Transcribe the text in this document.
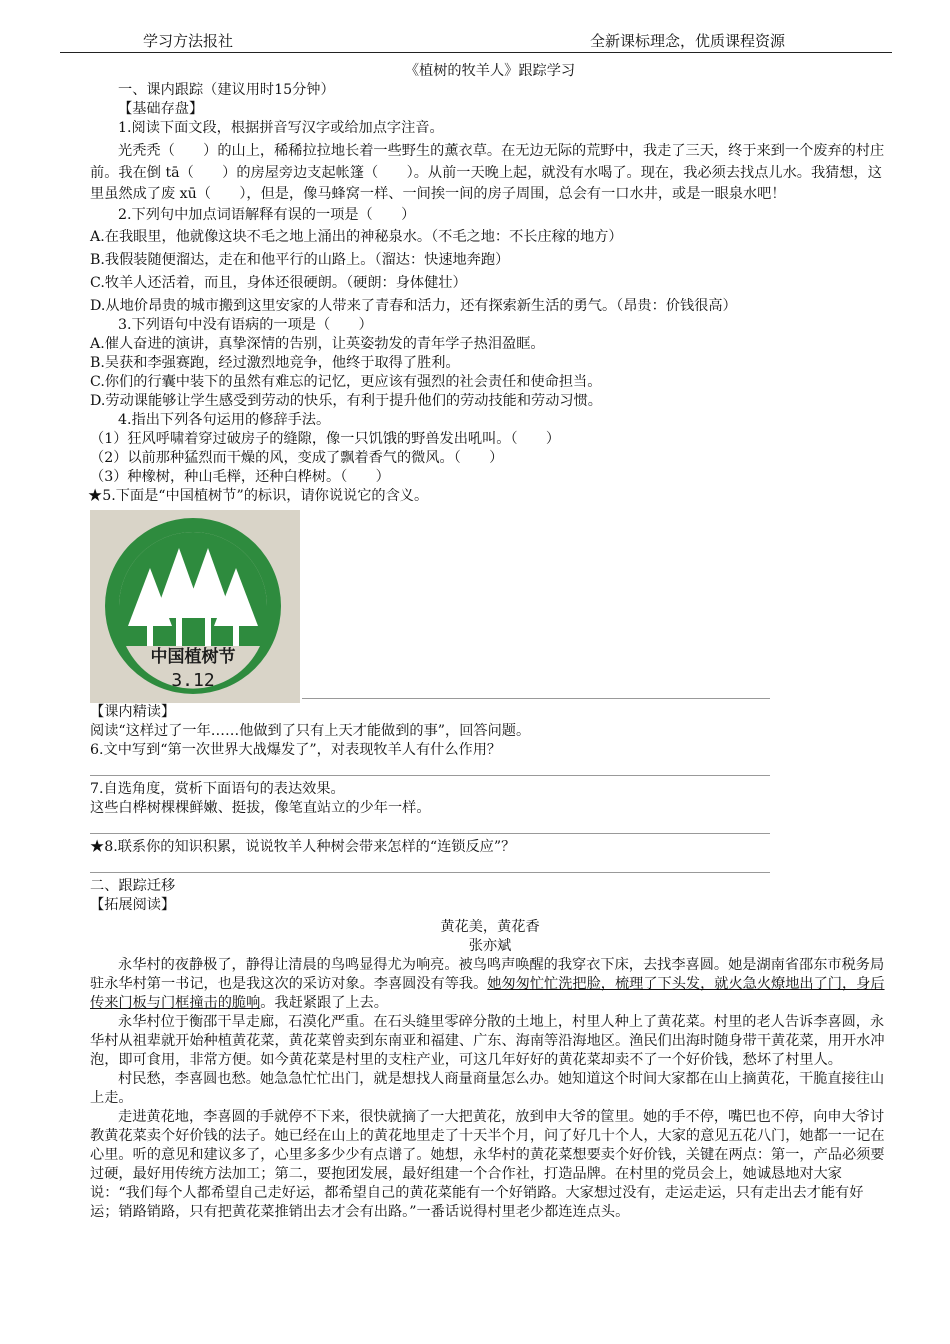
学习方法报社	全新课标理念，优质课程资源

《植树的牧羊人》跟踪学习

一、课内跟踪（建议用时15分钟）

【基础存盘】

1.阅读下面文段，根据拼音写汉字或给加点字注音。

光秃秃（　　）的山上，稀稀拉拉地长着一些野生的薰衣草。在无边无际的荒野中，我走了三天，终于来到一个废弃的村庄前。我在倒 tā（　　）的房屋旁边支起帐篷（　　）。从前一天晚上起，就没有水喝了。现在，我必须去找点儿水。我猜想，这里虽然成了废 xū（　　），但是，像马蜂窝一样、一间挨一间的房子周围，总会有一口水井，或是一眼泉水吧！

2.下列句中加点词语解释有误的一项是（　　）

A.在我眼里，他就像这块不毛之地上涌出的神秘泉水。（不毛之地：不长庄稼的地方）

B.我假装随便溜达，走在和他平行的山路上。（溜达：快速地奔跑）

C.牧羊人还活着，而且，身体还很硬朗。（硬朗：身体健壮）

D.从地价昂贵的城市搬到这里安家的人带来了青春和活力，还有探索新生活的勇气。（昂贵：价钱很高）

3.下列语句中没有语病的一项是（　　）

A.催人奋进的演讲，真挚深情的告别，让英姿勃发的青年学子热泪盈眶。

B.吴获和李强赛跑，经过激烈地竞争，他终于取得了胜利。

C.你们的行囊中装下的虽然有难忘的记忆，更应该有强烈的社会责任和使命担当。

D.劳动课能够让学生感受到劳动的快乐，有利于提升他们的劳动技能和劳动习惯。

4.指出下列各句运用的修辞手法。

（1）狂风呼啸着穿过破房子的缝隙，像一只饥饿的野兽发出吼叫。（　　）

（2）以前那种猛烈而干燥的风，变成了飘着香气的微风。（　　）

（3）种橡树，种山毛榉，还种白桦树。（　　）

★5.下面是“中国植树节”的标识，请你说说它的含义。

中国植树节
3.12

【课内精读】

阅读“这样过了一年……他做到了只有上天才能做到的事”，回答问题。

6.文中写到“第一次世界大战爆发了”，对表现牧羊人有什么作用？

7.自选角度，赏析下面语句的表达效果。

这些白桦树棵棵鲜嫩、挺拔，像笔直站立的少年一样。

★8.联系你的知识积累，说说牧羊人种树会带来怎样的“连锁反应”？

二、跟踪迁移

【拓展阅读】

黄花美，黄花香

张亦斌

永华村的夜静极了，静得让清晨的鸟鸣显得尤为响亮。被鸟鸣声唤醒的我穿衣下床，去找李喜圆。她是湖南省邵东市税务局驻永华村第一书记，也是我这次的采访对象。李喜圆没有等我。她匆匆忙忙洗把脸，梳理了下头发，就火急火燎地出了门，身后传来门板与门框撞击的脆响。我赶紧跟了上去。

永华村位于衡邵干旱走廊，石漠化严重。在石头缝里零碎分散的土地上，村里人种上了黄花菜。村里的老人告诉李喜圆，永华村从祖辈就开始种植黄花菜，黄花菜曾卖到东南亚和福建、广东、海南等沿海地区。渔民们出海时随身带干黄花菜，用开水冲泡，即可食用，非常方便。如今黄花菜是村里的支柱产业，可这几年好好的黄花菜却卖不了一个好价钱，愁坏了村里人。

村民愁，李喜圆也愁。她急急忙忙出门，就是想找人商量商量怎么办。她知道这个时间大家都在山上摘黄花，干脆直接往山上走。

走进黄花地，李喜圆的手就停不下来，很快就摘了一大把黄花，放到申大爷的筐里。她的手不停，嘴巴也不停，向申大爷讨教黄花菜卖个好价钱的法子。她已经在山上的黄花地里走了十天半个月，问了好几十个人，大家的意见五花八门，她都一一记在心里。听的意见和建议多了，心里多多少少有点谱了。她想，永华村的黄花菜想要卖个好价钱，关键在两点：第一，产品必须要过硬，最好用传统方法加工；第二，要抱团发展，最好组建一个合作社，打造品牌。在村里的党员会上，她诚恳地对大家说：“我们每个人都希望自己走好运，都希望自己的黄花菜能有一个好销路。大家想过没有，走运走运，只有走出去才能有好运；销路销路，只有把黄花菜推销出去才会有出路。”一番话说得村里老少都连连点头。
